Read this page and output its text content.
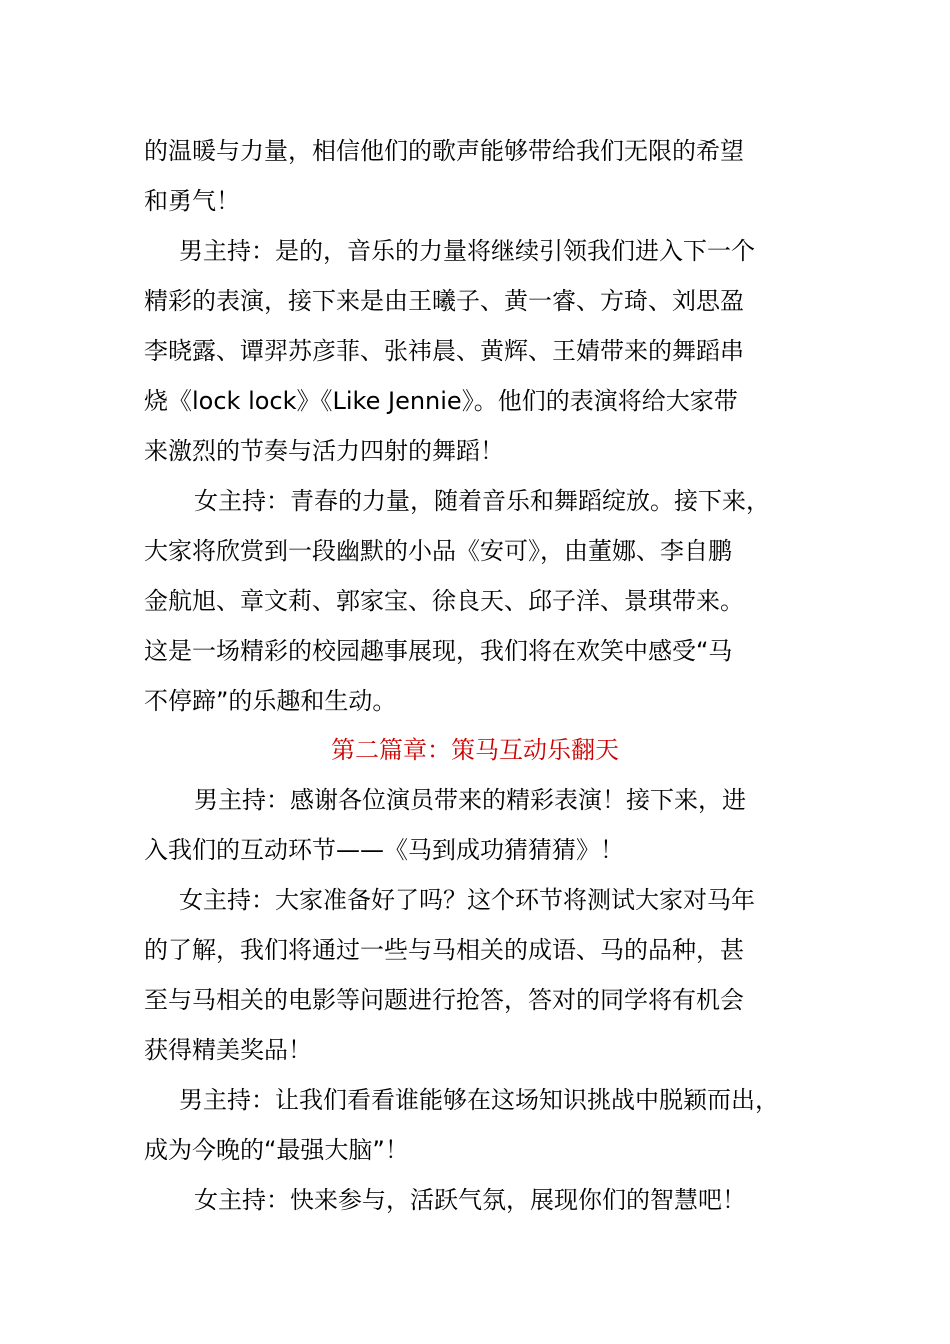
的温暖与力量，相信他们的歌声能够带给我们无限的希望
和勇气！
男主持：是的，音乐的力量将继续引领我们进入下一个
精彩的表演，接下来是由王曦子、黄一睿、方琦、刘思盈
李晓露、谭羿苏彦菲、张祎晨、黄辉、王婧带来的舞蹈串
烧《lock lock》《Like Jennie》。他们的表演将给大家带
来激烈的节奏与活力四射的舞蹈！
女主持：青春的力量，随着音乐和舞蹈绽放。接下来，
大家将欣赏到一段幽默的小品《安可》，由董娜、李自鹏
金航旭、章文莉、郭家宝、徐良天、邱子洋、景琪带来。
这是一场精彩的校园趣事展现，我们将在欢笑中感受“马
不停蹄”的乐趣和生动。
第二篇章：策马互动乐翻天
男主持：感谢各位演员带来的精彩表演！接下来，进
入我们的互动环节——《马到成功猜猜猜》！
女主持：大家准备好了吗？这个环节将测试大家对马年
的了解，我们将通过一些与马相关的成语、马的品种，甚
至与马相关的电影等问题进行抢答，答对的同学将有机会
获得精美奖品！
男主持：让我们看看谁能够在这场知识挑战中脱颖而出，
成为今晚的“最强大脑”！
女主持：快来参与，活跃气氛，展现你们的智慧吧！
